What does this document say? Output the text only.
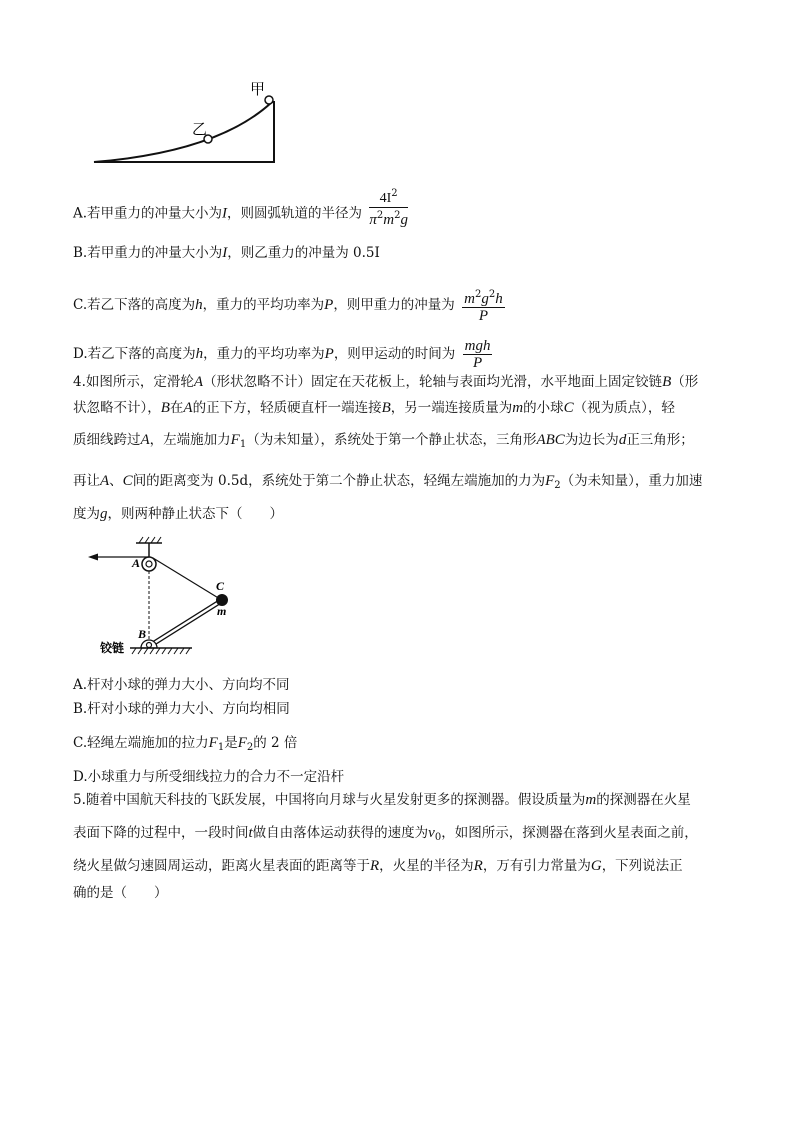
甲
乙
A.若甲重力的冲量大小为I，则圆弧轨道的半径为 $\frac{4I^2}{\pi^2m^2g}$
B.若甲重力的冲量大小为I，则乙重力的冲量为 0.5I
C.若乙下落的高度为h，重力的平均功率为P，则甲重力的冲量为 $\frac{m^2g^2h}{P}$
D.若乙下落的高度为h，重力的平均功率为P，则甲运动的时间为 $\frac{\text{mgh}}{P}$
4.如图所示，定滑轮A（形状忽略不计）固定在天花板上，轮轴与表面均光滑，水平地面上固定铰链B（形
状忽略不计），B在A的正下方，轻质硬直杆一端连接B，另一端连接质量为m的小球C（视为质点），轻
质细线跨过A，左端施加力$F_1$（为未知量），系统处于第一个静止状态，三角形ABC为边长为d正三角形；
再让A、C间的距离变为 0.5d，系统处于第二个静止状态，轻绳左端施加的力为$F_2$（为未知量），重力加速
度为g，则两种静止状态下（　　）
A
C
m
B
铰链
A.杆对小球的弹力大小、方向均不同
B.杆对小球的弹力大小、方向均相同
C.轻绳左端施加的拉力$F_1$是$F_2$的 2 倍
D.小球重力与所受细线拉力的合力不一定沿杆
5.随着中国航天科技的飞跃发展，中国将向月球与火星发射更多的探测器。假设质量为m的探测器在火星
表面下降的过程中，一段时间t做自由落体运动获得的速度为$v_0$，如图所示，探测器在落到火星表面之前，
绕火星做匀速圆周运动，距离火星表面的距离等于R，火星的半径为R，万有引力常量为G，下列说法正
确的是（　　）
